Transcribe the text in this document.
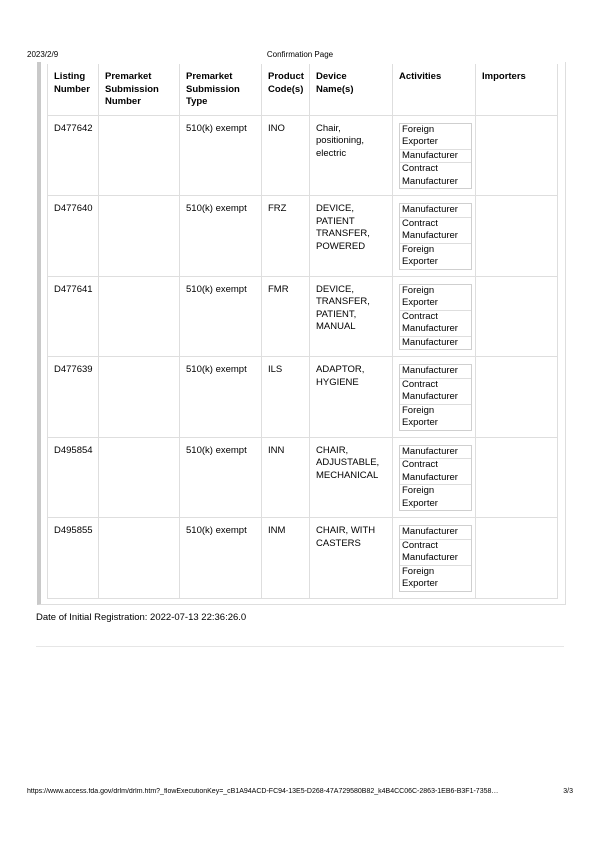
2023/2/9	Confirmation Page
Listing Number	Premarket Submission Number	Premarket Submission Type	Product Code(s)	Device Name(s)	Activities	Importers
D477642		510(k) exempt	INO	Chair, positioning, electric	Foreign Exporter
Manufacturer
Contract Manufacturer	

D477640		510(k) exempt	FRZ	DEVICE, PATIENT TRANSFER, POWERED	Manufacturer
Contract Manufacturer
Foreign Exporter	

D477641		510(k) exempt	FMR	DEVICE, TRANSFER, PATIENT, MANUAL	Foreign Exporter
Contract Manufacturer
Manufacturer	

D477639		510(k) exempt	ILS	ADAPTOR, HYGIENE	Manufacturer
Contract Manufacturer
Foreign Exporter	

D495854		510(k) exempt	INN	CHAIR, ADJUSTABLE, MECHANICAL	Manufacturer
Contract Manufacturer
Foreign Exporter	

D495855		510(k) exempt	INM	CHAIR, WITH CASTERS	Manufacturer
Contract Manufacturer
Foreign Exporter	

Date of Initial Registration: 2022-07-13 22:36:26.0
https://www.access.fda.gov/drlm/drlm.htm?_flowExecutionKey=_cB1A94ACD-FC94-13E5-D268-47A729580B82_k4B4CC06C-2863-1EB6-B3F1-7358…	3/3
